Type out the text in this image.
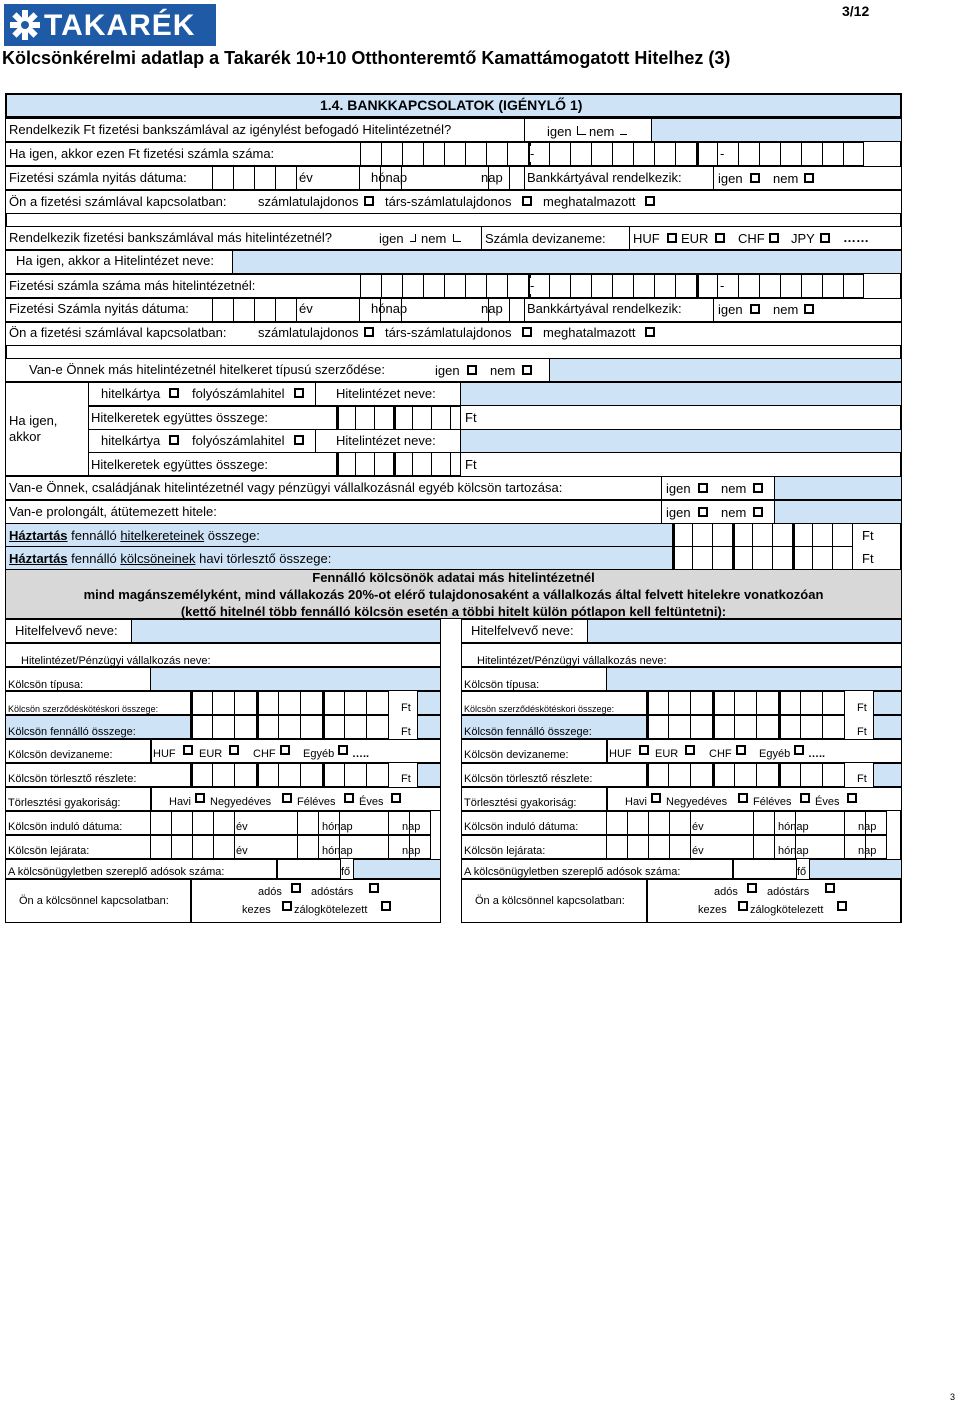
TAKARÉK	3/12
Kölcsönkérelmi adatlap a Takarék 10+10 Otthonteremtő Kamattámogatott Hitelhez (3)
1.4. BANKKAPCSOLATOK (IGÉNYLŐ 1)
Rendelkezik Ft fizetési bankszámlával az igénylést befogadó Hitelintézetnél?	igen nem
Ha igen, akkor ezen Ft fizetési számla száma:	-	-
Fizetési számla nyitás dátuma:	év	hónap	nap Bankkártyával rendelkezik:	igen nem
Ön a fizetési számlával kapcsolatban: számlatulajdonos társ-számlatulajdonos meghatalmazott
Rendelkezik fizetési bankszámlával más hitelintézetnél?	igen nem	Számla devizaneme: HUF EUR CHF JPY ……
Ha igen, akkor a Hitelintézet neve:
Fizetési számla száma más hitelintézetnél:	-	-
Fizetési Számla nyitás dátuma:	év	hónap	nap Bankkártyával rendelkezik:	igen nem
Ön a fizetési számlával kapcsolatban: számlatulajdonos társ-számlatulajdonos meghatalmazott
Van-e Önnek más hitelintézetnél hitelkeret típusú szerződése:	igen nem
Ha igen, akkor
hitelkártya folyószámlahitel	Hitelintézet neve:
Hitelkeretek együttes összege:	Ft
hitelkártya folyószámlahitel	Hitelintézet neve:
Hitelkeretek együttes összege:	Ft
Van-e Önnek, családjának hitelintézetnél vagy pénzügyi vállalkozásnál egyéb kölcsön tartozása:	igen nem
Van-e prolongált, átütemezett hitele:	igen nem
Háztartás fennálló hitelkereteinek összege:	Ft
Háztartás fennálló kölcsöneinek havi törlesztő összege:	Ft
Fennálló kölcsönök adatai más hitelintézetnél
mind magánszemélyként, mind vállakozás 20%-ot elérő tulajdonosaként a vállalkozás által felvett hitelekre vonatkozóan
(kettő hitelnél több fennálló kölcsön esetén a többi hitelt külön pótlapon kell feltüntetni):
Hitelfelvevő neve:
Hitelintézet/Pénzügyi vállalkozás neve:
Kölcsön típusa:
Kölcsön szerződéskötéskori összege:	Ft
Kölcsön fennálló összege:	Ft
Kölcsön devizaneme:	HUF EUR	CHF Egyéb …..
Kölcsön törlesztő részlete:	Ft
Törlesztési gyakoriság:	Havi Negyedéves Féléves Éves
Kölcsön induló dátuma:	év	hónap	nap
Kölcsön lejárata:	év	hónap	nap
A kölcsönügyletben szereplő adósok száma:	fő
Ön a kölcsönnel kapcsolatban:
adós	adóstárs
kezes zálogkötelezett
Hitelfelvevő neve:
Hitelintézet/Pénzügyi vállalkozás neve:
Kölcsön típusa:
Kölcsön szerződéskötéskori összege:	Ft
Kölcsön fennálló összege:	Ft
Kölcsön devizaneme:	HUF EUR	CHF Egyéb …..
Kölcsön törlesztő részlete:	Ft
Törlesztési gyakoriság:	Havi Negyedéves Féléves Éves
Kölcsön induló dátuma:	év	hónap	nap
Kölcsön lejárata:	év	hónap	nap
A kölcsönügyletben szereplő adósok száma:	fő
Ön a kölcsönnel kapcsolatban:
adós	adóstárs
kezes zálogkötelezett
3
